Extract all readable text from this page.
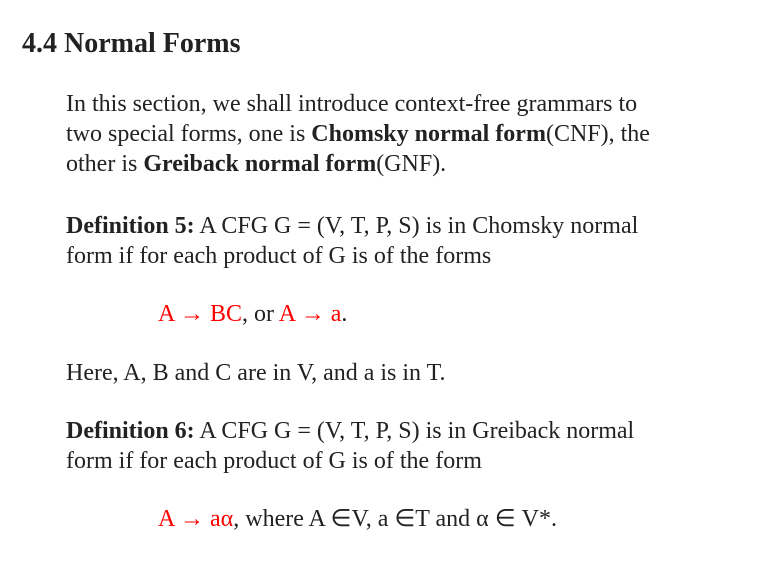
4.4 Normal Forms
In this section, we shall introduce context-free grammars to
two special forms, one is Chomsky normal form(CNF), the
other is Greiback normal form(GNF).
Definition 5: A CFG G = (V, T, P, S) is in Chomsky normal
form if for each product of G is of the forms
A → BC, or A → a.
Here, A, B and C are in V, and a is in T.
Definition 6: A CFG G = (V, T, P, S) is in Greiback normal
form if for each product of G is of the form
A → aα, where A ∈V, a ∈T and α ∈ V*.
